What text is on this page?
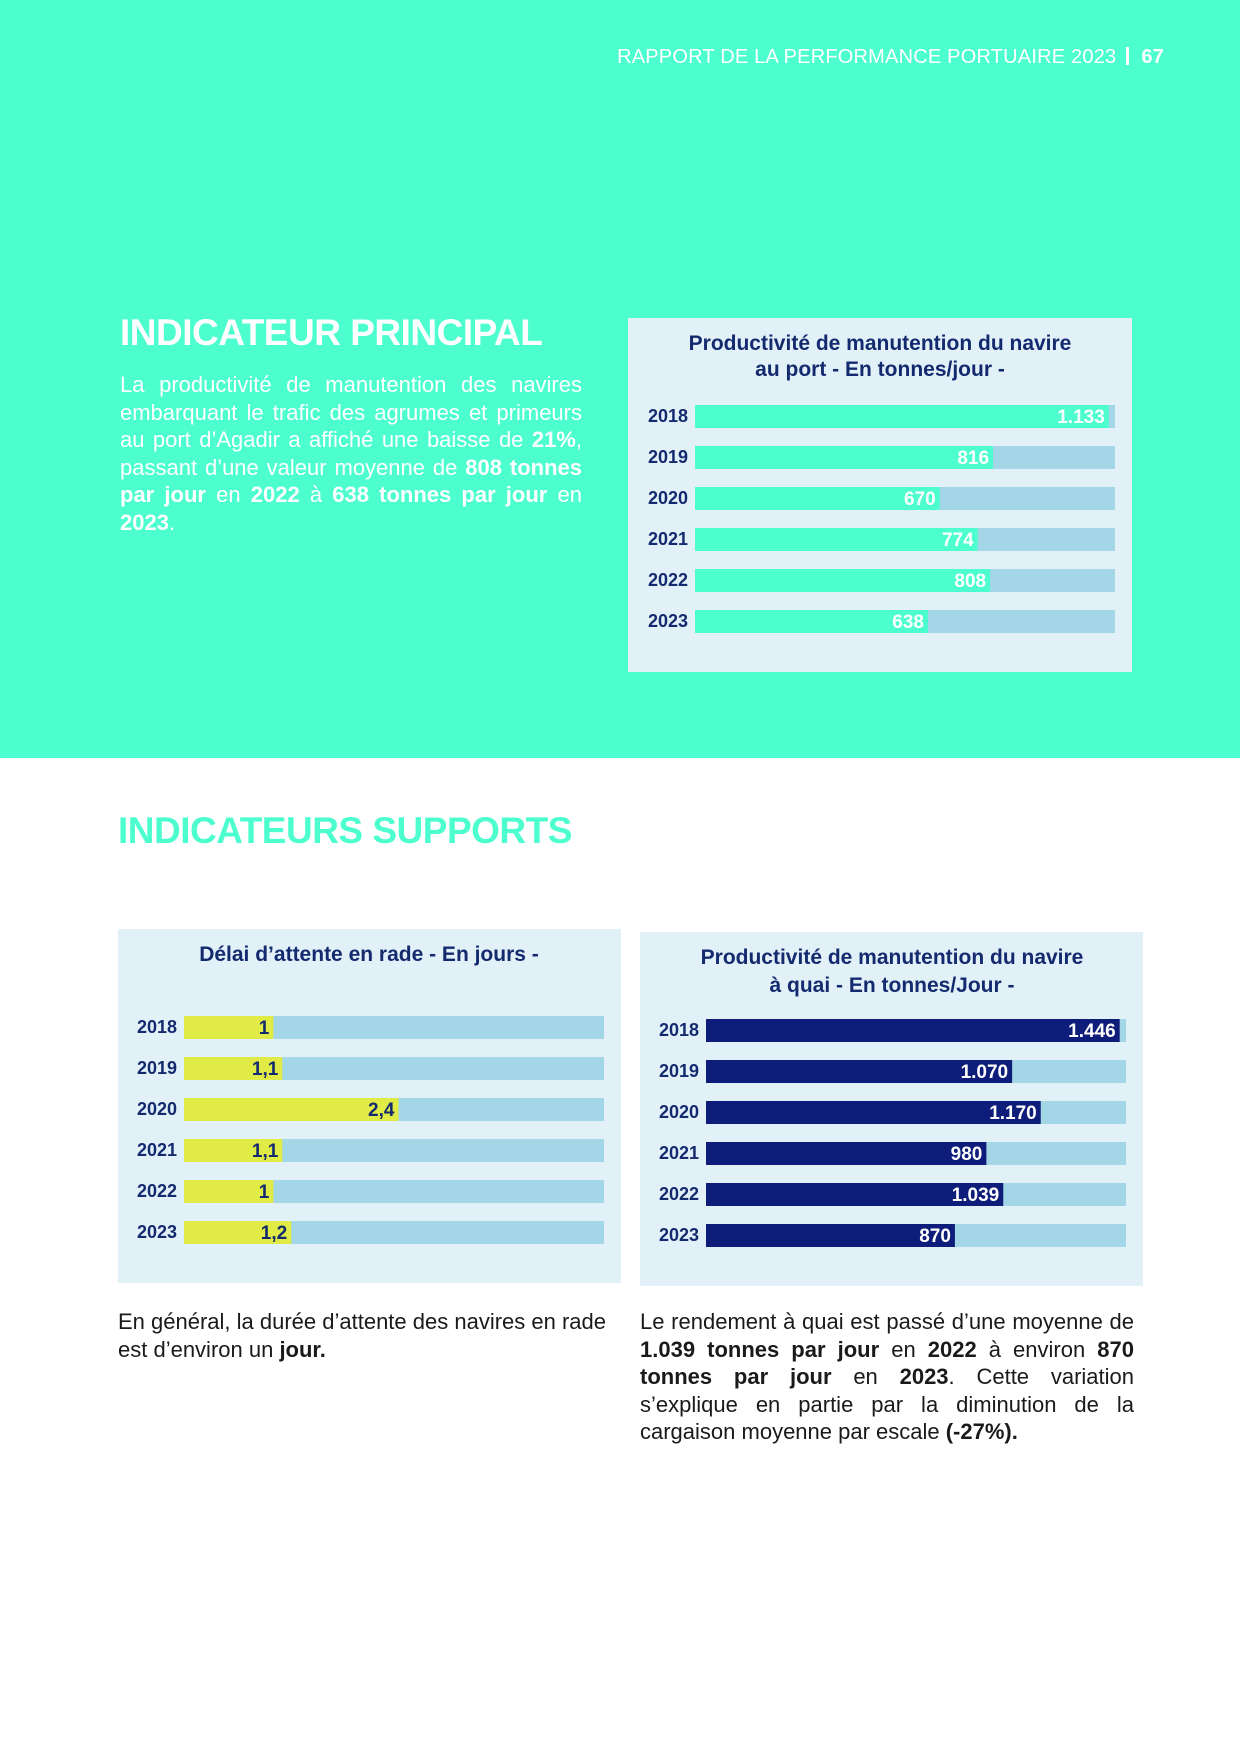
RAPPORT DE LA PERFORMANCE PORTUAIRE 2023 67
INDICATEUR PRINCIPAL

La productivité de manutention des navires embarquant le trafic des agrumes et primeurs au port d’Agadir a affiché une baisse de 21%, passant d’une valeur moyenne de 808 tonnes par jour en 2022 à 638 tonnes par jour en 2023.

Productivité de manutention du navire
au port - En tonnes/jour -
2018	1.133
2019	816
2020	670
2021	774
2022	808
2023	638
INDICATEURS SUPPORTS
Délai d’attente en rade - En jours -
2018	1
2019	1,1
2020	2,4
2021	1,1
2022	1
2023	1,2
Productivité de manutention du navire
à quai - En tonnes/Jour -
2018	1.446
2019	1.070
2020	1.170
2021	980
2022	1.039
2023	870

En général, la durée d’attente des navires en rade est d’environ un jour.

Le rendement à quai est passé d’une moyenne de 1.039 tonnes par jour en 2022 à environ 870 tonnes par jour en 2023. Cette variation s’explique en partie par la diminution de la cargaison moyenne par escale (-27%).
